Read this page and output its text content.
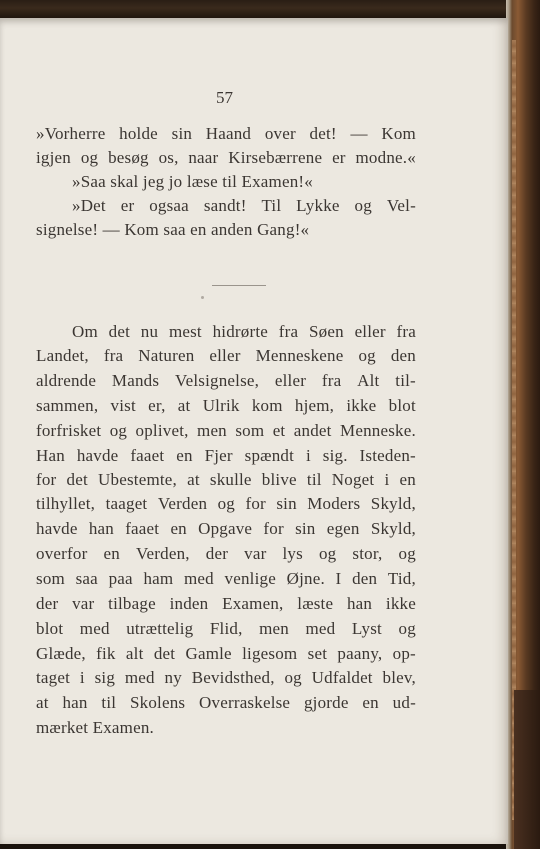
57
»Vorherre holde sin Haand over det! — Kom
igjen og besøg os, naar Kirsebærrene er modne.«
»Saa skal jeg jo læse til Examen!«
»Det er ogsaa sandt! Til Lykke og Vel-
signelse! — Kom saa en anden Gang!«
Om det nu mest hidrørte fra Søen eller fra
Landet, fra Naturen eller Menneskene og den
aldrende Mands Velsignelse, eller fra Alt til-
sammen, vist er, at Ulrik kom hjem, ikke blot
forfrisket og oplivet, men som et andet Menneske.
Han havde faaet en Fjer spændt i sig. Isteden-
for det Ubestemte, at skulle blive til Noget i en
tilhyllet, taaget Verden og for sin Moders Skyld,
havde han faaet en Opgave for sin egen Skyld,
overfor en Verden, der var lys og stor, og
som saa paa ham med venlige Øjne. I den Tid,
der var tilbage inden Examen, læste han ikke
blot med utrættelig Flid, men med Lyst og
Glæde, fik alt det Gamle ligesom set paany, op-
taget i sig med ny Bevidsthed, og Udfaldet blev,
at han til Skolens Overraskelse gjorde en ud-
mærket Examen.
